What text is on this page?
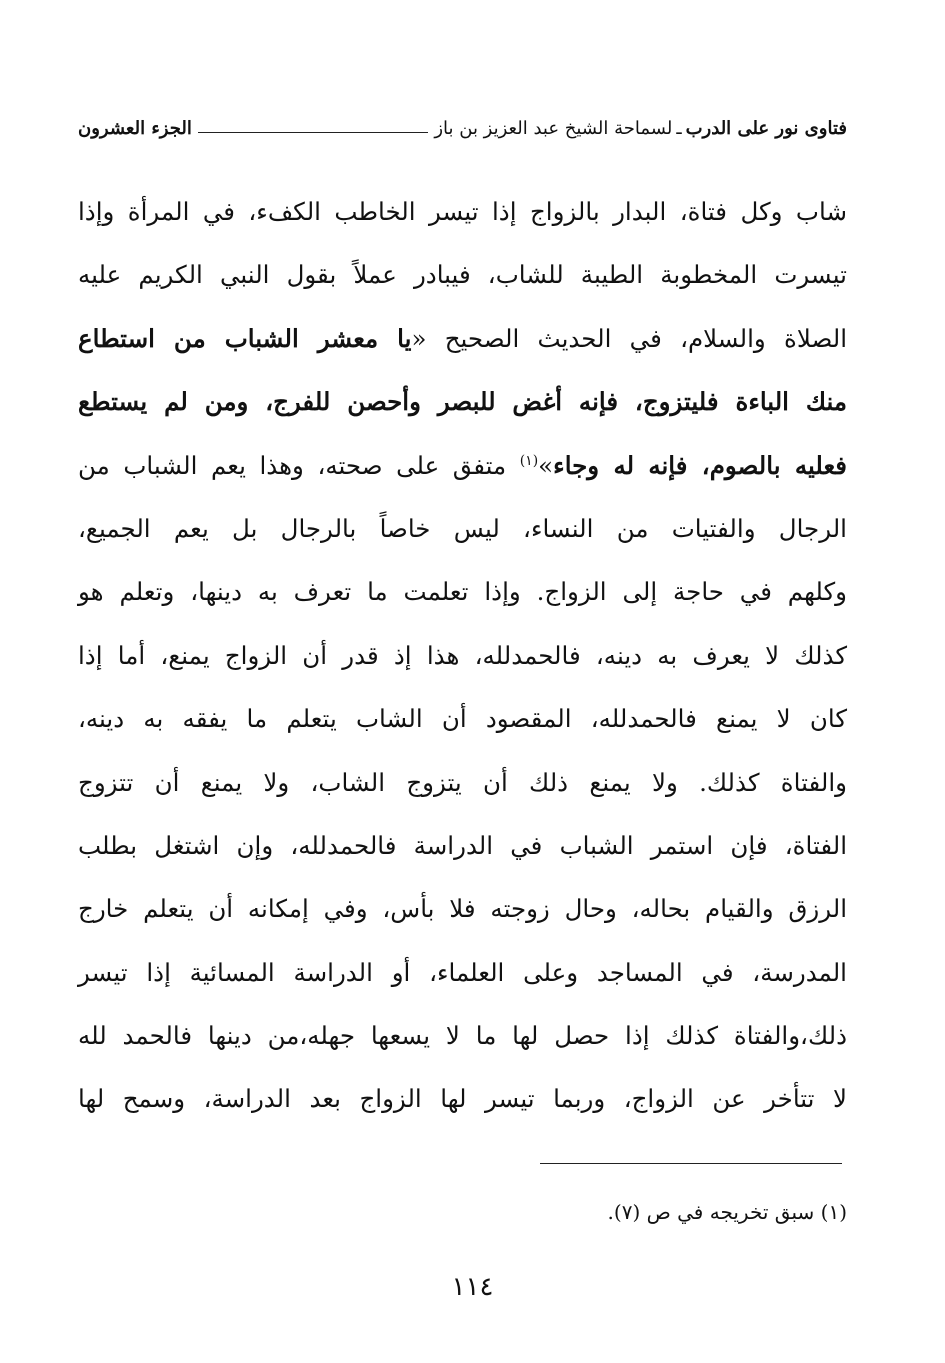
فتاوى نور على الدرب
ـ
لسماحة الشيخ عبد العزيز بن باز
الجزء العشرون
شاب وكل فتاة، البدار بالزواج إذا تيسر الخاطب الكفء، في المرأة وإذا
تيسرت المخطوبة الطيبة للشاب، فيبادر عملاً بقول النبي الكريم عليه
الصلاة والسلام، في الحديث الصحيح «يا معشر الشباب من استطاع
منك الباءة فليتزوج، فإنه أغض للبصر وأحصن للفرج، ومن لم يستطع
فعليه بالصوم، فإنه له وجاء»$^{(١)}$ متفق على صحته، وهذا يعم الشباب من
الرجال والفتيات من النساء، ليس خاصاً بالرجال بل يعم الجميع،
وكلهم في حاجة إلى الزواج. وإذا تعلمت ما تعرف به دينها، وتعلم هو
كذلك لا يعرف به دينه، فالحمدلله، هذا إذ قدر أن الزواج يمنع، أما إذا
كان لا يمنع فالحمدلله، المقصود أن الشاب يتعلم ما يفقه به دينه،
والفتاة كذلك. ولا يمنع ذلك أن يتزوج الشاب، ولا يمنع أن تتزوج
الفتاة، فإن استمر الشباب في الدراسة فالحمدلله، وإن اشتغل بطلب
الرزق والقيام بحاله، وحال زوجته فلا بأس، وفي إمكانه أن يتعلم خارج
المدرسة، في المساجد وعلى العلماء، أو الدراسة المسائية إذا تيسر
ذلك،والفتاة كذلك إذا حصل لها ما لا يسعها جهله،من دينها فالحمد لله
لا تتأخر عن الزواج، وربما تيسر لها الزواج بعد الدراسة، وسمح لها
(١) سبق تخريجه في ص (٧).
١١٤
